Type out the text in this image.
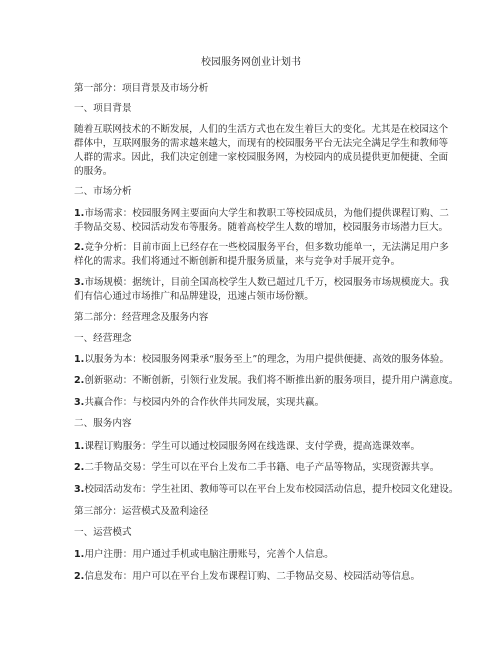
校园服务网创业计划书
第一部分：项目背景及市场分析
一、项目背景
随着互联网技术的不断发展，人们的生活方式也在发生着巨大的变化。尤其是在校园这个
群体中，互联网服务的需求越来越大，而现有的校园服务平台无法完全满足学生和教师等
人群的需求。因此，我们决定创建一家校园服务网，为校园内的成员提供更加便捷、全面
的服务。
二、市场分析
1.市场需求：校园服务网主要面向大学生和教职工等校园成员，为他们提供课程订购、二
手物品交易、校园活动发布等服务。随着高校学生人数的增加，校园服务市场潜力巨大。
2.竞争分析：目前市面上已经存在一些校园服务平台，但多数功能单一，无法满足用户多
样化的需求。我们将通过不断创新和提升服务质量，来与竞争对手展开竞争。
3.市场规模：据统计，目前全国高校学生人数已超过几千万，校园服务市场规模庞大。我
们有信心通过市场推广和品牌建设，迅速占领市场份额。
第二部分：经营理念及服务内容
一、经营理念
1.以服务为本：校园服务网秉承“服务至上”的理念，为用户提供便捷、高效的服务体验。
2.创新驱动：不断创新，引领行业发展。我们将不断推出新的服务项目，提升用户满意度。
3.共赢合作：与校园内外的合作伙伴共同发展，实现共赢。
二、服务内容
1.课程订购服务：学生可以通过校园服务网在线选课、支付学费，提高选课效率。
2.二手物品交易：学生可以在平台上发布二手书籍、电子产品等物品，实现资源共享。
3.校园活动发布：学生社团、教师等可以在平台上发布校园活动信息，提升校园文化建设。
第三部分：运营模式及盈利途径
一、运营模式
1.用户注册：用户通过手机或电脑注册账号，完善个人信息。
2.信息发布：用户可以在平台上发布课程订购、二手物品交易、校园活动等信息。
